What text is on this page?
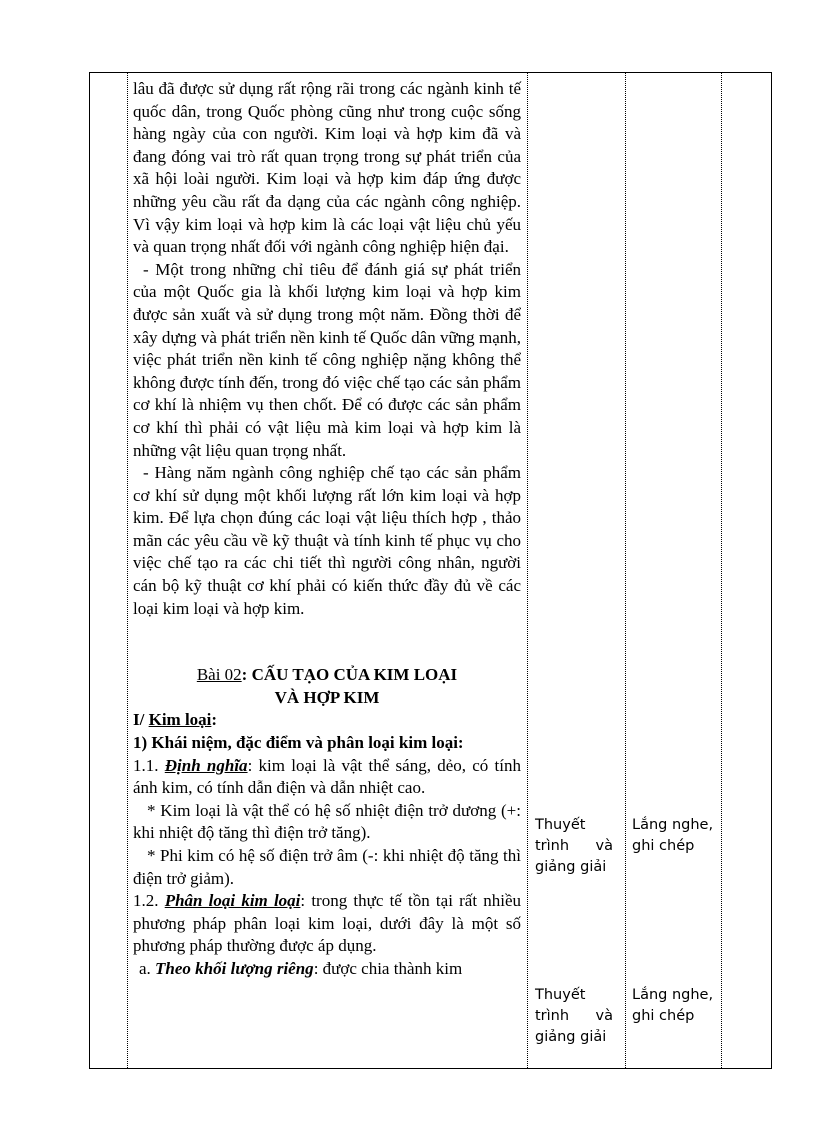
lâu đã được sử dụng rất rộng rãi trong các ngành kinh tế quốc dân, trong Quốc phòng cũng như trong cuộc sống hàng ngày của con người. Kim loại và hợp kim đã và đang đóng vai trò rất quan trọng trong sự phát triển của xã hội loài người. Kim loại và hợp kim đáp ứng được những yêu cầu rất đa dạng của các ngành công nghiệp. Vì vậy kim loại và hợp kim là các loại vật liệu chủ yếu và quan trọng nhất đối với ngành công nghiệp hiện đại.

- Một trong những chỉ tiêu để đánh giá sự phát triển của một Quốc gia là khối lượng kim loại và hợp kim được sản xuất và sử dụng trong một năm. Đồng thời để xây dựng và phát triển nền kinh tế Quốc dân vững mạnh, việc phát triển nền kinh tế công nghiệp nặng không thể không được tính đến, trong đó việc chế tạo các sản phẩm cơ khí là nhiệm vụ then chốt. Để có được các sản phẩm cơ khí thì phải có vật liệu mà kim loại và hợp kim là những vật liệu quan trọng nhất.

- Hàng năm ngành công nghiệp chế tạo các sản phẩm cơ khí sử dụng một khối lượng rất lớn kim loại và hợp kim. Để lựa chọn đúng các loại vật liệu thích hợp , thảo mãn các yêu cầu về kỹ thuật và tính kinh tế phục vụ cho việc chế tạo ra các chi tiết thì người công nhân, người cán bộ kỹ thuật cơ khí phải có kiến thức đầy đủ về các loại kim loại và hợp kim.

Bài 02: CẤU TẠO CỦA KIM LOẠI

VÀ HỢP KIM

I/ Kim loại:

1) Khái niệm, đặc điểm và phân loại kim loại:

1.1. Định nghĩa: kim loại là vật thể sáng, dẻo, có tính ánh kim, có tính dẫn điện và dẫn nhiệt cao.

* Kim loại là vật thể có hệ số nhiệt điện trở dương (+: khi nhiệt độ tăng thì điện trở tăng).

* Phi kim có hệ số điện trở âm (-: khi nhiệt độ tăng thì điện trở giảm).

1.2. Phân loại kim loại: trong thực tế tồn tại rất nhiều phương pháp phân loại kim loại, dưới đây là một số phương pháp thường được áp dụng.

a. Theo khối lượng riêng: được chia thành kim

Thuyết
trình và
giảng giải
Lắng nghe,
ghi chép
Thuyết
trình và
giảng giải
Lắng nghe,
ghi chép
